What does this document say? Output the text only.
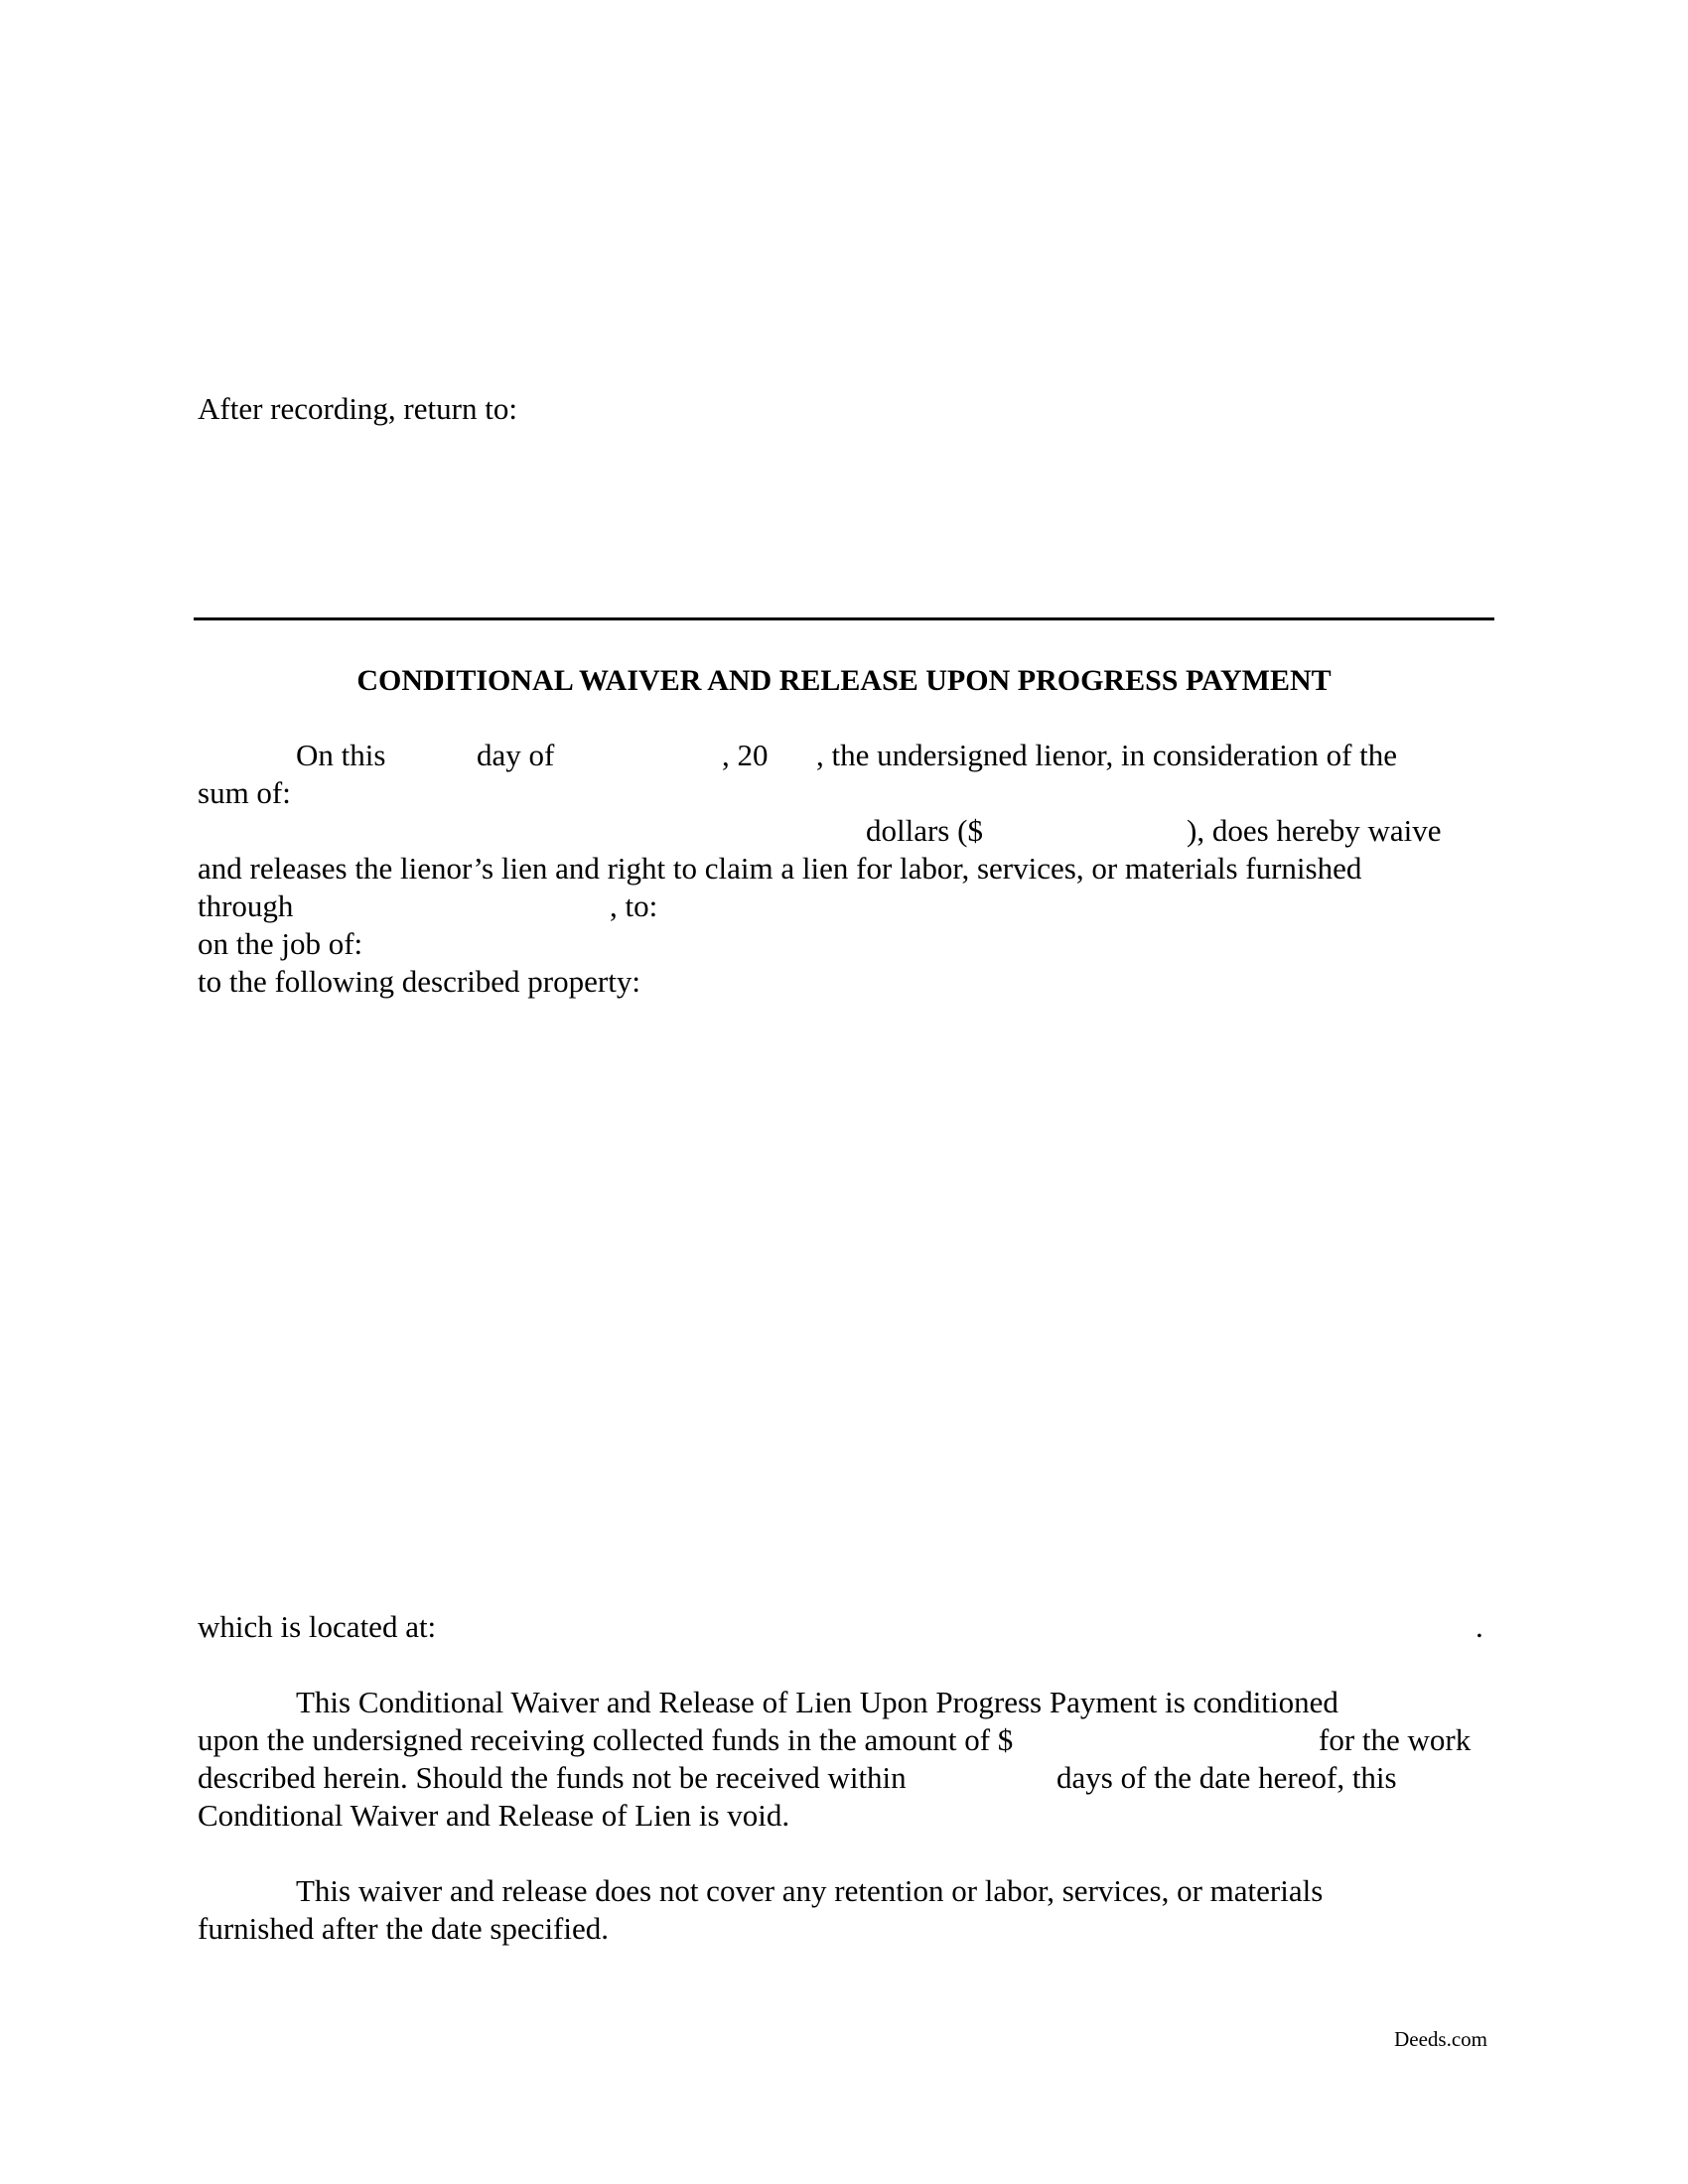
After recording, return to:
CONDITIONAL WAIVER AND RELEASE UPON PROGRESS PAYMENT
On this	day of	, 20 , the undersigned lienor, in consideration of the
sum of:
dollars ($	), does hereby waive
and releases the lienor’s lien and right to claim a lien for labor, services, or materials furnished
through	, to:
on the job of:
to the following described property:
which is located at:	.
This Conditional Waiver and Release of Lien Upon Progress Payment is conditioned
upon the undersigned receiving collected funds in the amount of $	for the work
described herein. Should the funds not be received within	days of the date hereof, this
Conditional Waiver and Release of Lien is void.
This waiver and release does not cover any retention or labor, services, or materials
furnished after the date specified.
Deeds.com
